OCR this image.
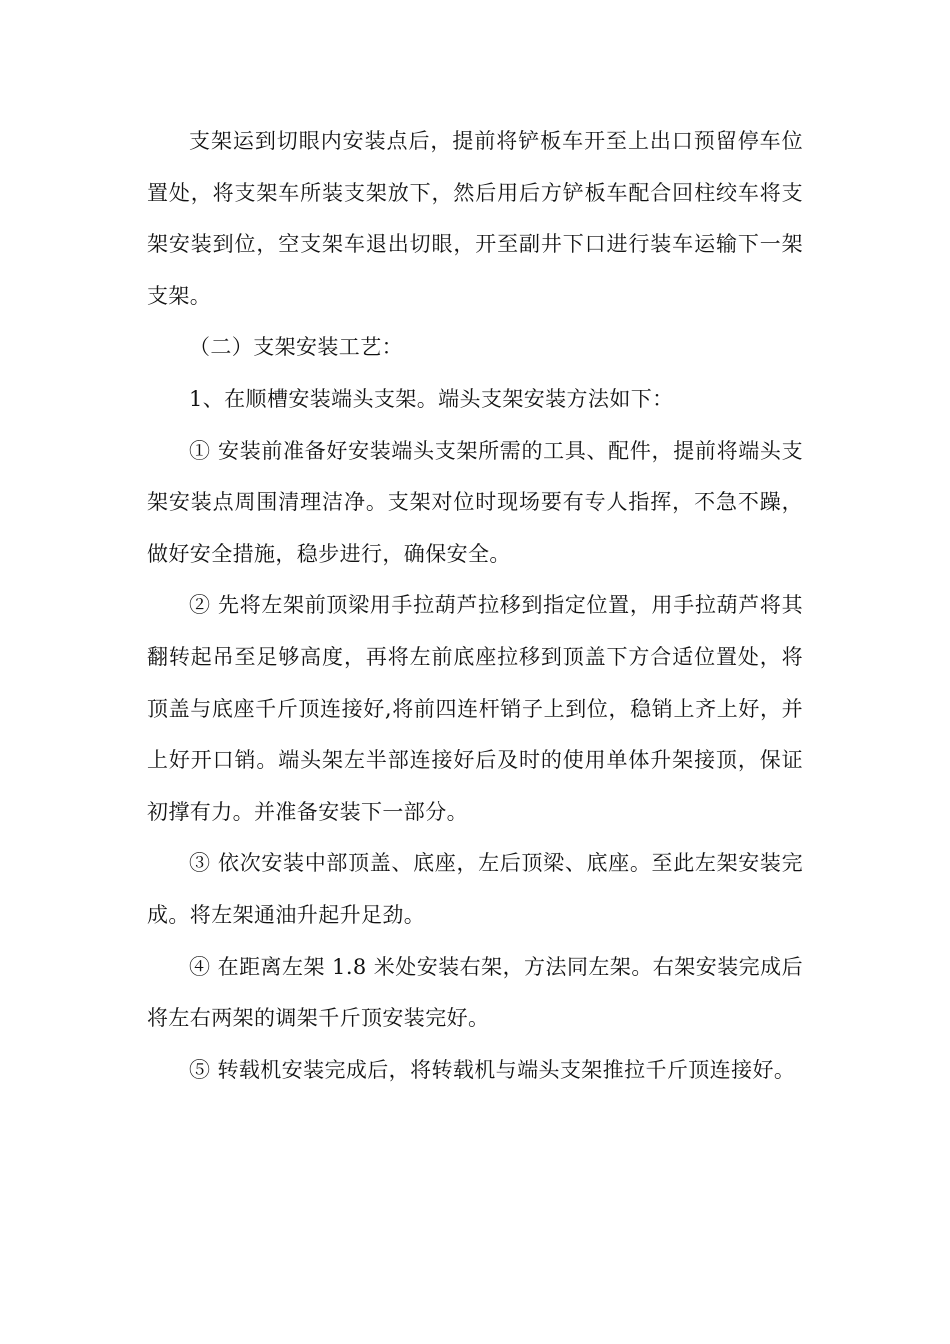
支架运到切眼内安装点后，提前将铲板车开至上出口预留停车位置处，将支架车所装支架放下，然后用后方铲板车配合回柱绞车将支架安装到位，空支架车退出切眼，开至副井下口进行装车运输下一架支架。

（二）支架安装工艺：

1、在顺槽安装端头支架。端头支架安装方法如下：

① 安装前准备好安装端头支架所需的工具、配件，提前将端头支架安装点周围清理洁净。支架对位时现场要有专人指挥，不急不躁，做好安全措施，稳步进行，确保安全。

② 先将左架前顶梁用手拉葫芦拉移到指定位置，用手拉葫芦将其翻转起吊至足够高度，再将左前底座拉移到顶盖下方合适位置处，将顶盖与底座千斤顶连接好,将前四连杆销子上到位，稳销上齐上好，并上好开口销。端头架左半部连接好后及时的使用单体升架接顶，保证初撑有力。并准备安装下一部分。

③ 依次安装中部顶盖、底座，左后顶梁、底座。至此左架安装完成。将左架通油升起升足劲。

④ 在距离左架 1.8 米处安装右架，方法同左架。右架安装完成后将左右两架的调架千斤顶安装完好。

⑤ 转载机安装完成后，将转载机与端头支架推拉千斤顶连接好。
